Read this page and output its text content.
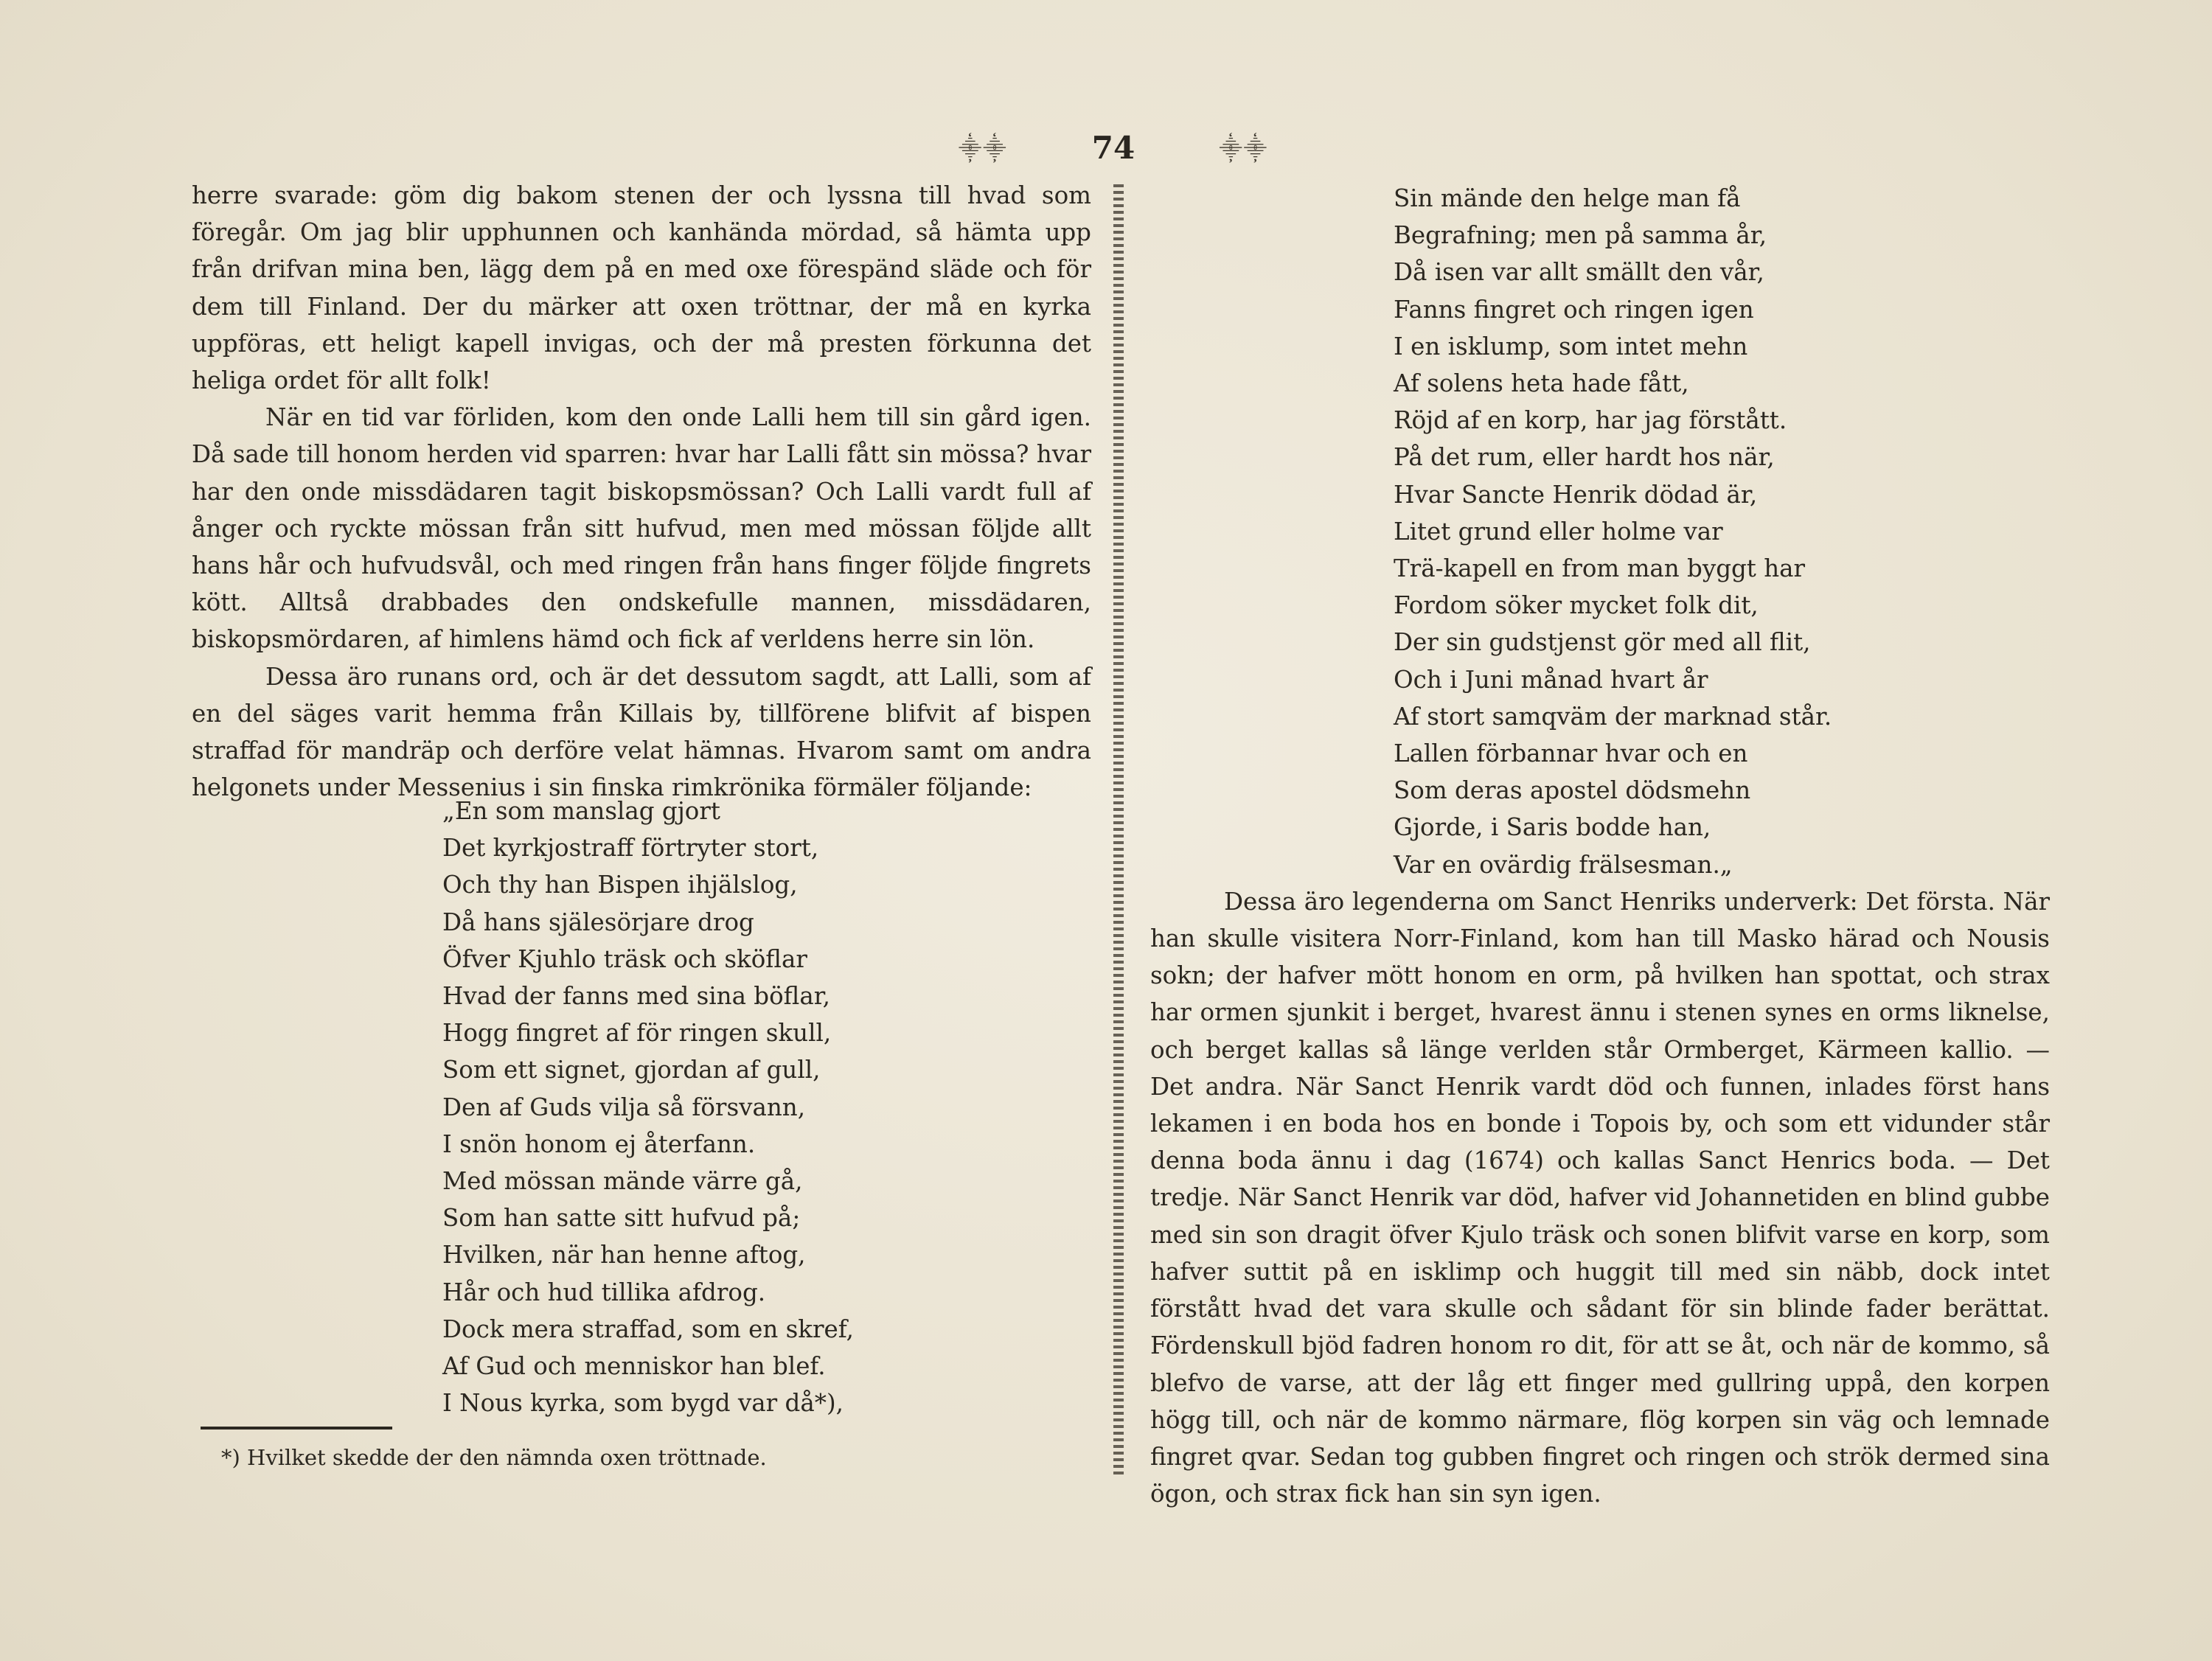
⸎⸎	74	⸎⸎

herre svarade: göm dig bakom stenen der och lyssna till hvad som föregår. Om jag blir upphunnen och kanhända mördad, så hämta upp från drifvan mina ben, lägg dem på en med oxe förespänd släde och för dem till Finland. Der du märker att oxen tröttnar, der må en kyrka uppföras, ett heligt kapell invigas, och der må presten förkunna det heliga ordet för allt folk!

När en tid var förliden, kom den onde Lalli hem till sin gård igen. Då sade till honom herden vid sparren: hvar har Lalli fått sin mössa? hvar har den onde missdädaren tagit biskopsmössan? Och Lalli vardt full af ånger och ryckte mössan från sitt hufvud, men med mössan följde allt hans hår och hufvudsvål, och med ringen från hans finger följde fingrets kött. Alltså drabbades den ondskefulle mannen, missdädaren, biskopsmördaren, af himlens hämd och fick af verldens herre sin lön.

Dessa äro runans ord, och är det dessutom sagdt, att Lalli, som af en del säges varit hemma från Killais by, tillförene blifvit af bispen straffad för mandräp och derföre velat hämnas. Hvarom samt om andra helgonets under Messenius i sin finska rimkrönika förmäler följande:

„En som manslag gjort
Det kyrkjostraff förtryter stort,
Och thy han Bispen ihjälslog,
Då hans själesörjare drog
Öfver Kjuhlo träsk och sköflar
Hvad der fanns med sina böflar,
Hogg fingret af för ringen skull,
Som ett signet, gjordan af gull,
Den af Guds vilja så försvann,
I snön honom ej återfann.
Med mössan mände värre gå,
Som han satte sitt hufvud på;
Hvilken, när han henne aftog,
Hår och hud tillika afdrog.
Dock mera straffad, som en skref,
Af Gud och menniskor han blef.
I Nous kyrka, som bygd var då*),
*) Hvilket skedde der den nämnda oxen tröttnade.
Sin mände den helge man få
Begrafning; men på samma år,
Då isen var allt smällt den vår,
Fanns fingret och ringen igen
I en isklump, som intet mehn
Af solens heta hade fått,
Röjd af en korp, har jag förstått.
På det rum, eller hardt hos när,
Hvar Sancte Henrik dödad är,
Litet grund eller holme var
Trä-kapell en from man byggt har
Fordom söker mycket folk dit,
Der sin gudstjenst gör med all flit,
Och i Juni månad hvart år
Af stort samqväm der marknad står.
Lallen förbannar hvar och en
Som deras apostel dödsmehn
Gjorde, i Saris bodde han,
Var en ovärdig frälsesman.„

Dessa äro legenderna om Sanct Henriks underverk: Det första. När han skulle visitera Norr-Finland, kom han till Masko härad och Nousis sokn; der hafver mött honom en orm, på hvilken han spottat, och strax har ormen sjunkit i berget, hvarest ännu i stenen synes en orms liknelse, och berget kallas så länge verlden står Ormberget, Kärmeen kallio. — Det andra. När Sanct Henrik vardt död och funnen, inlades först hans lekamen i en boda hos en bonde i Topois by, och som ett vidunder står denna boda ännu i dag (1674) och kallas Sanct Henrics boda. — Det tredje. När Sanct Henrik var död, hafver vid Johannetiden en blind gubbe med sin son dragit öfver Kjulo träsk och sonen blifvit varse en korp, som hafver suttit på en isklimp och huggit till med sin näbb, dock intet förstått hvad det vara skulle och sådant för sin blinde fader berättat. Fördenskull bjöd fadren honom ro dit, för att se åt, och när de kommo, så blefvo de varse, att der låg ett finger med gullring uppå, den korpen högg till, och när de kommo närmare, flög korpen sin väg och lemnade fingret qvar. Sedan tog gubben fingret och ringen och strök dermed sina ögon, och strax fick han sin syn igen.
